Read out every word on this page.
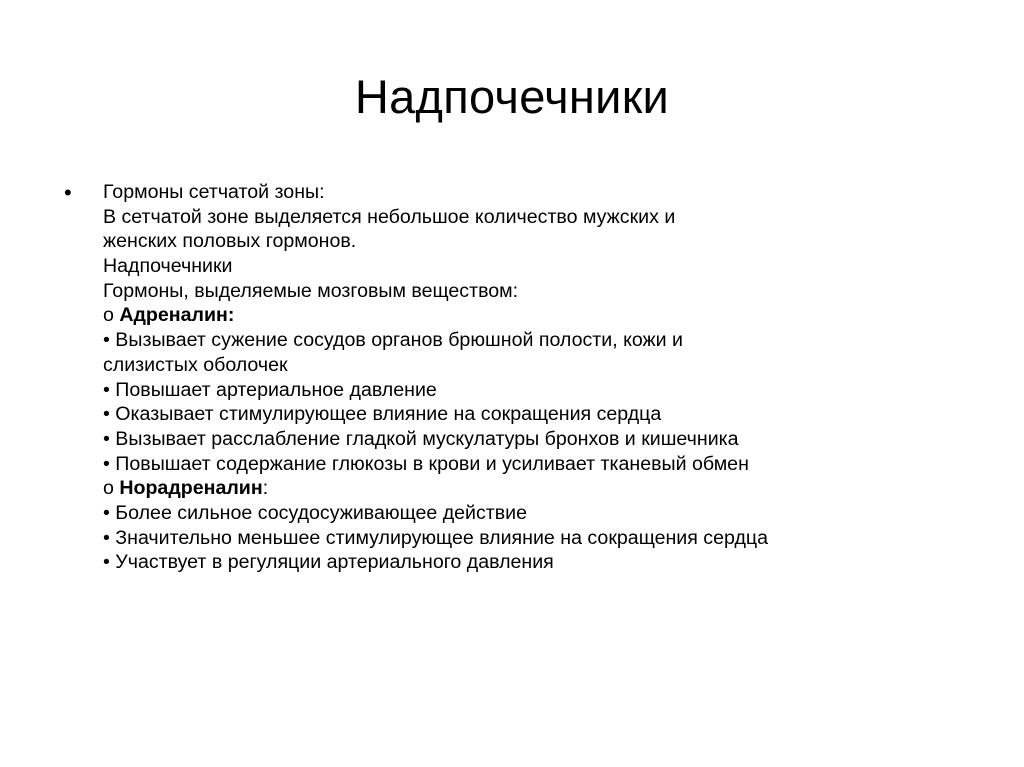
Надпочечники
• Гормоны сетчатой зоны:
В сетчатой зоне выделяется небольшое количество мужских и
женских половых гормонов.
Надпочечники
Гормоны, выделяемые мозговым веществом:
o Адреналин:
• Вызывает сужение сосудов органов брюшной полости, кожи и
слизистых оболочек
• Повышает артериальное давление
• Оказывает стимулирующее влияние на сокращения сердца
• Вызывает расслабление гладкой мускулатуры бронхов и кишечника
• Повышает содержание глюкозы в крови и усиливает тканевый обмен
o Норадреналин:
• Более сильное сосудосуживающее действие
• Значительно меньшее стимулирующее влияние на сокращения сердца
• Участвует в регуляции артериального давления
